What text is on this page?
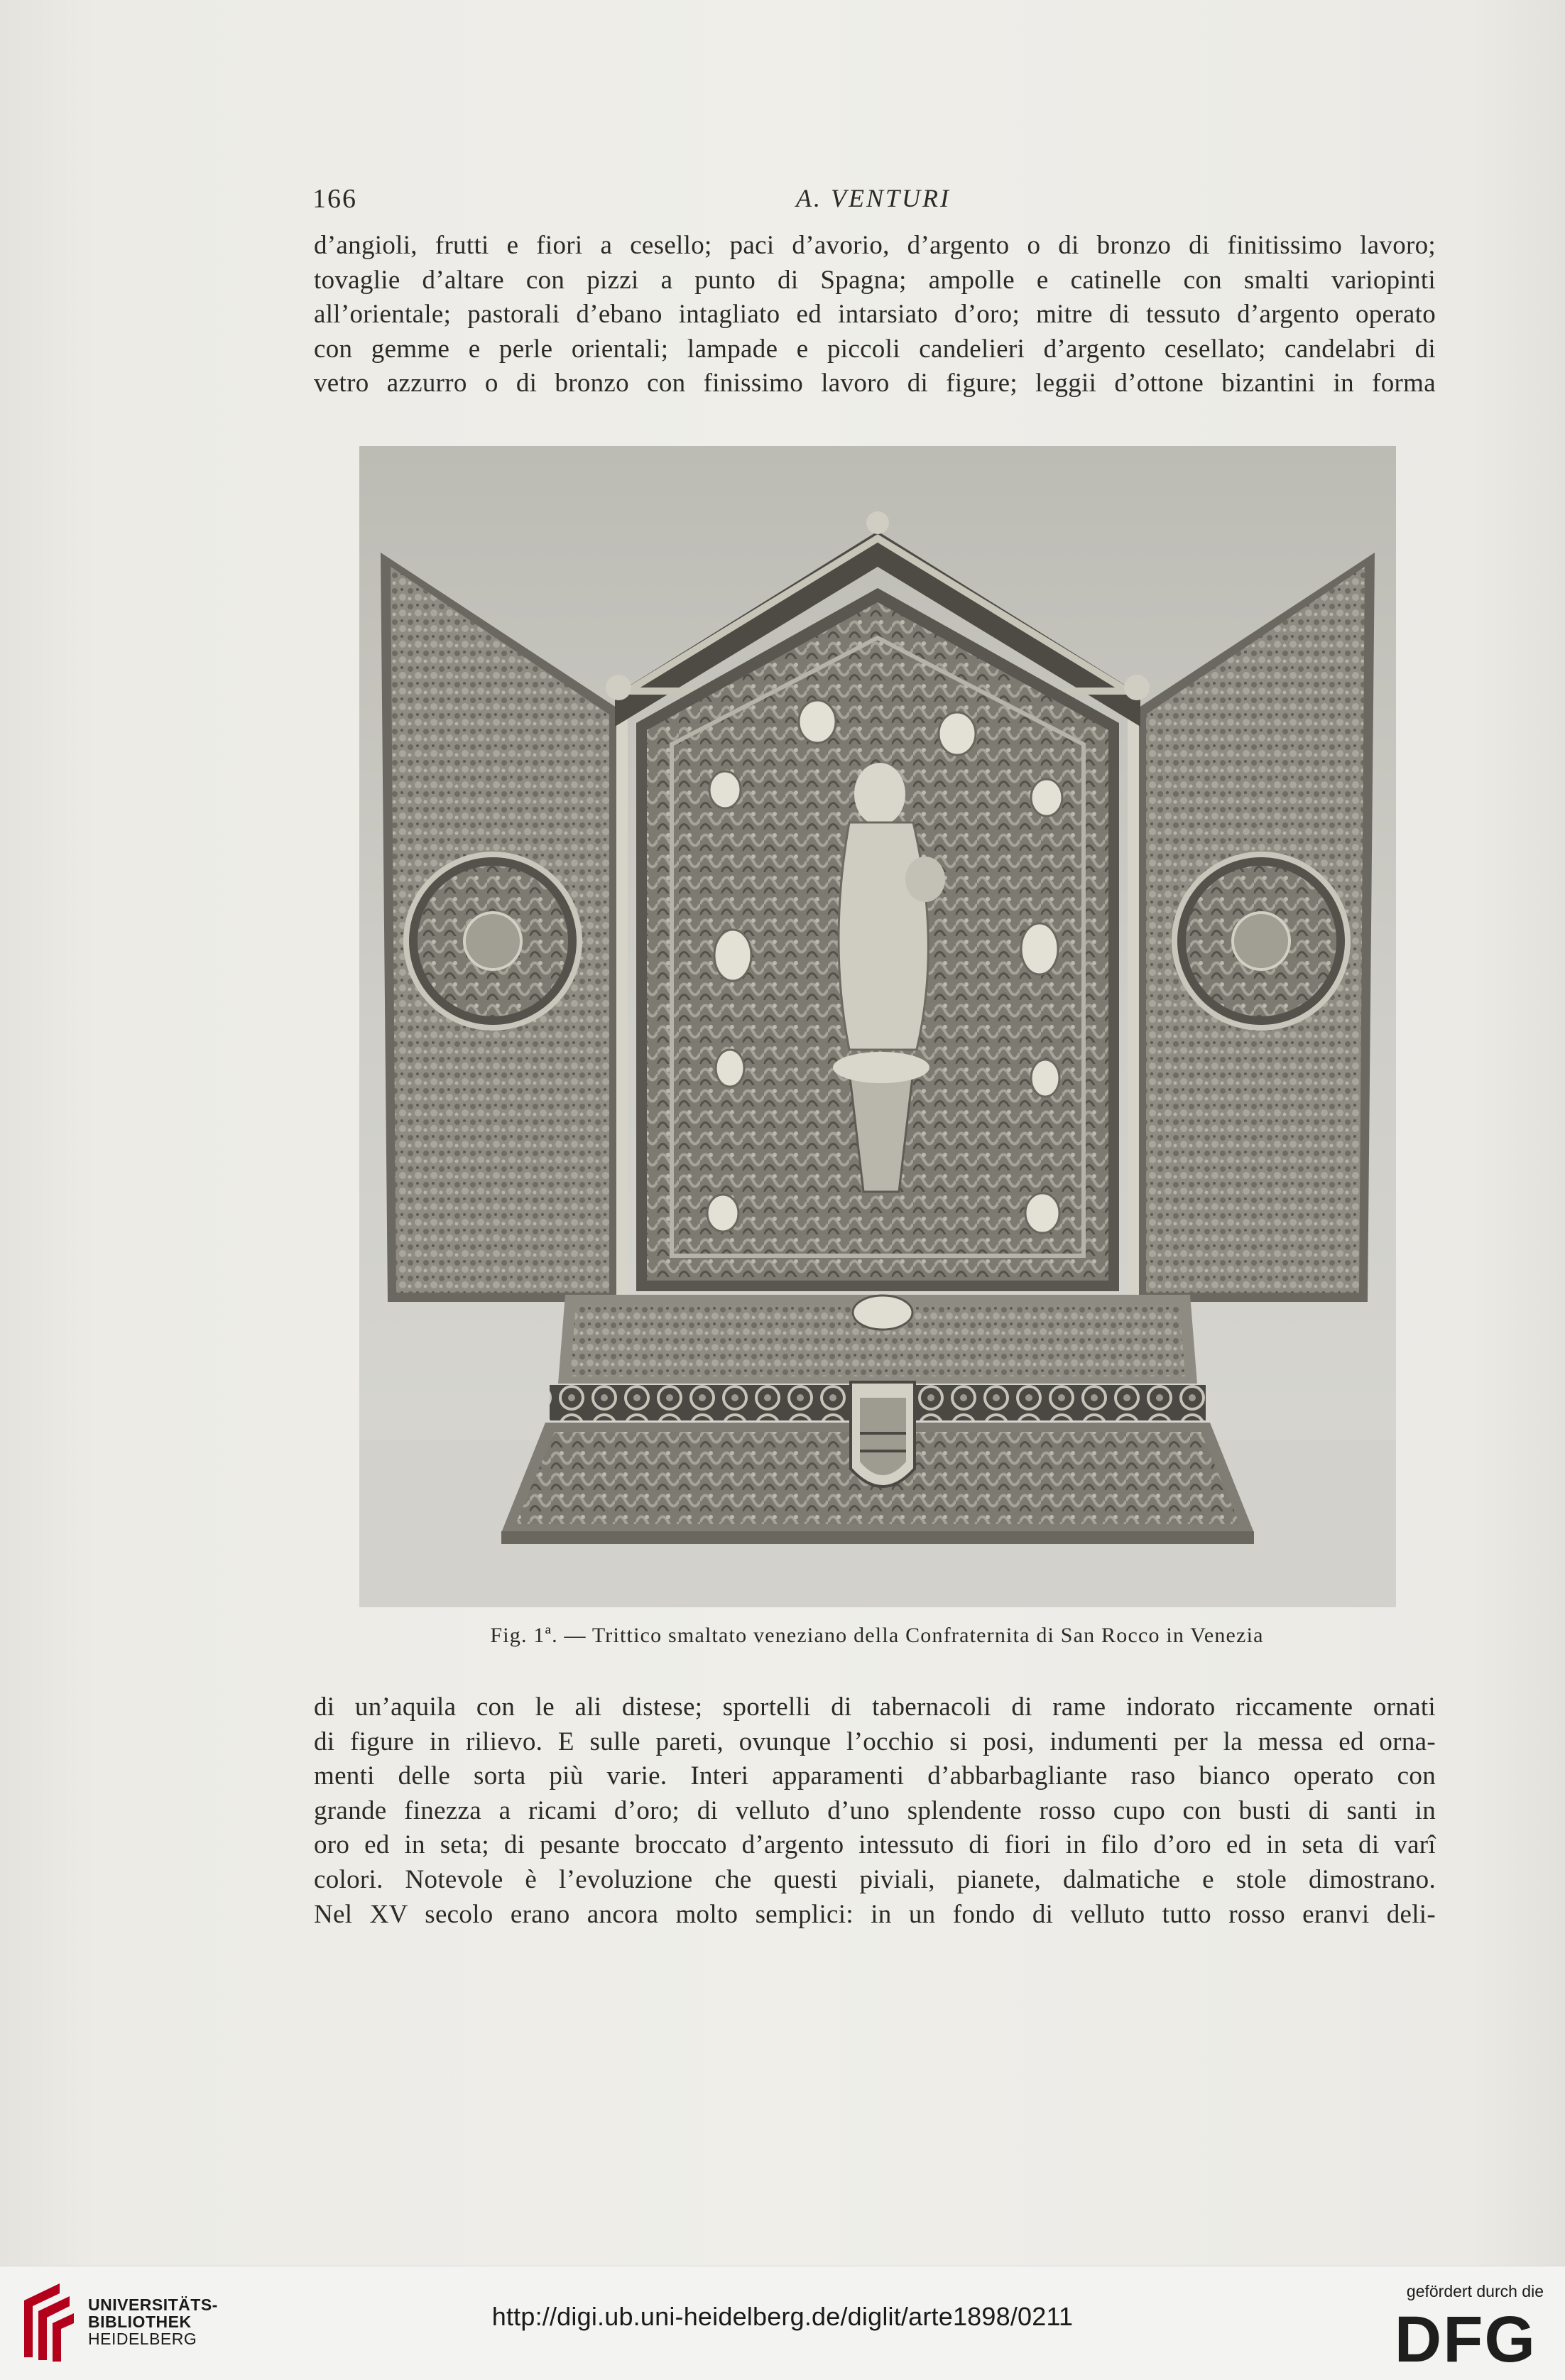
166	A. VENTURI
d’angioli, frutti e fiori a cesello; paci d’avorio, d’argento o di bronzo di finitissimo lavoro;
tovaglie d’altare con pizzi a punto di Spagna; ampolle e catinelle con smalti variopinti
all’orientale; pastorali d’ebano intagliato ed intarsiato d’oro; mitre di tessuto d’argento operato
con gemme e perle orientali; lampade e piccoli candelieri d’argento cesellato; candelabri di
vetro azzurro o di bronzo con finissimo lavoro di figure; leggii d’ottone bizantini in forma
Fig. 1ª. — Trittico smaltato veneziano della Confraternita di San Rocco in Venezia
di un’aquila con le ali distese; sportelli di tabernacoli di rame indorato riccamente ornati
di figure in rilievo. E sulle pareti, ovunque l’occhio si posi, indumenti per la messa ed orna-
menti delle sorta più varie. Interi apparamenti d’abbarbagliante raso bianco operato con
grande finezza a ricami d’oro; di velluto d’uno splendente rosso cupo con busti di santi in
oro ed in seta; di pesante broccato d’argento intessuto di fiori in filo d’oro ed in seta di varî
colori. Notevole è l’evoluzione che questi piviali, pianete, dalmatiche e stole dimostrano.
Nel XV secolo erano ancora molto semplici: in un fondo di velluto tutto rosso eranvi deli-
UNIVERSITÄTS-
BIBLIOTHEK
HEIDELBERG
http://digi.ub.uni-heidelberg.de/diglit/arte1898/0211
gefördert durch die
DFG
